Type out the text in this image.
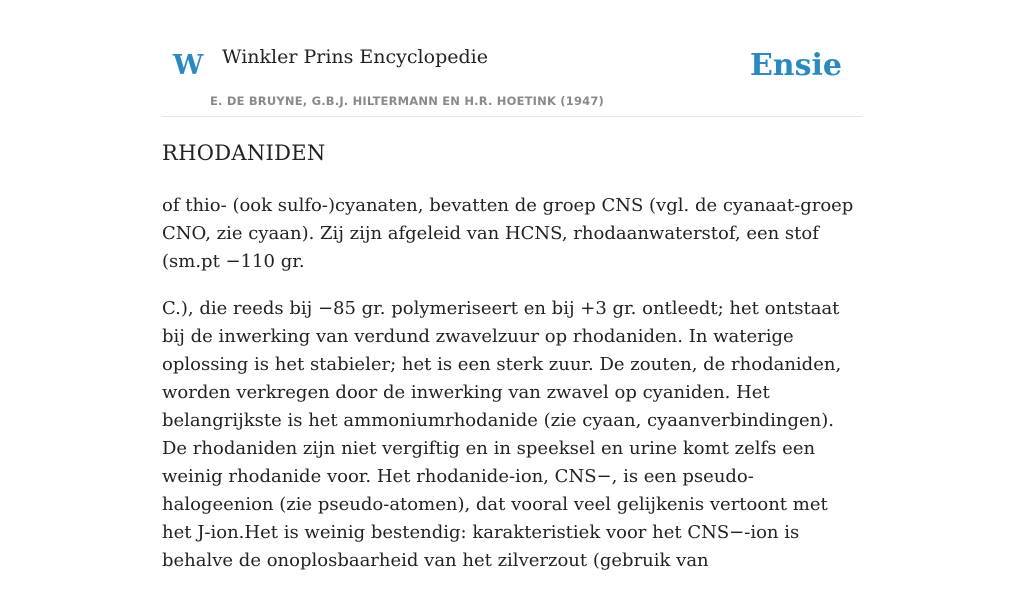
W Winkler Prins Encyclopedie
E. DE BRUYNE, G.B.J. HILTERMANN EN H.R. HOETINK (1947)
Ensie
RHODANIDEN

of thio- (ook sulfo-)cyanaten, bevatten de groep CNS (vgl. de cyanaat-groep CNO, zie cyaan). Zij zijn afgeleid van HCNS, rhodaanwaterstof, een stof (sm.pt −110 gr.

C.), die reeds bij −85 gr. polymeriseert en bij +3 gr. ontleedt; het ontstaat bij de inwerking van verdund zwavelzuur op rhodaniden. In waterige oplossing is het stabieler; het is een sterk zuur. De zouten, de rhodaniden, worden verkregen door de inwerking van zwavel op cyaniden. Het belangrijkste is het ammoniumrhodanide (zie cyaan, cyaanverbindingen). De rhodaniden zijn niet vergiftig en in speeksel en urine komt zelfs een weinig rhodanide voor. Het rhodanide-ion, CNS−, is een pseudo-halogeenion (zie pseudo-atomen), dat vooral veel gelijkenis vertoont met het J-ion.Het is weinig bestendig: karakteristiek voor het CNS−-ion is behalve de onoplosbaarheid van het zilverzout (gebruik van
